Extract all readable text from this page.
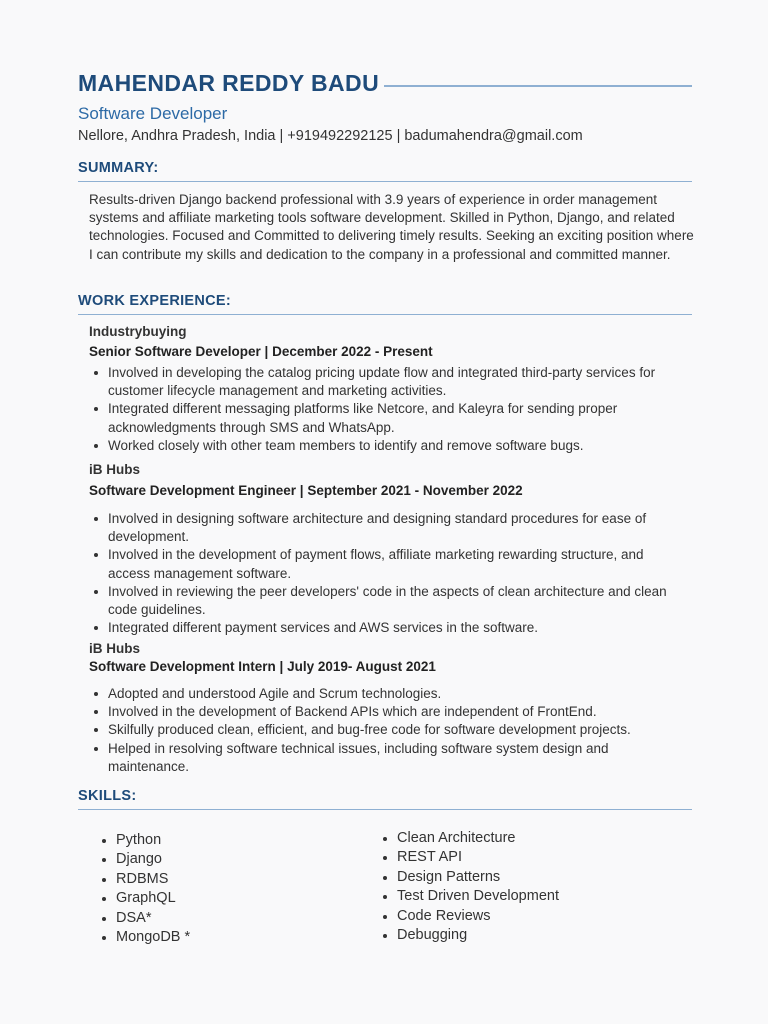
MAHENDAR REDDY BADU
Software Developer
Nellore, Andhra Pradesh, India | +919492292125 | badumahendra@gmail.com
SUMMARY:
Results-driven Django backend professional with 3.9 years of experience in order management systems and affiliate marketing tools software development. Skilled in Python, Django, and related technologies. Focused and Committed to delivering timely results. Seeking an exciting position where I can contribute my skills and dedication to the company in a professional and committed manner.
WORK EXPERIENCE:
Industrybuying
Senior Software Developer | December 2022 - Present
Involved in developing the catalog pricing update flow and integrated third-party services for customer lifecycle management and marketing activities.
Integrated different messaging platforms like Netcore, and Kaleyra for sending proper acknowledgments through SMS and WhatsApp.
Worked closely with other team members to identify and remove software bugs.
iB Hubs
Software Development Engineer | September 2021 - November 2022
Involved in designing software architecture and designing standard procedures for ease of development.
Involved in the development of payment flows, affiliate marketing rewarding structure, and access management software.
Involved in reviewing the peer developers' code in the aspects of clean architecture and clean code guidelines.
Integrated different payment services and AWS services in the software.
iB Hubs
Software Development Intern | July 2019- August 2021
Adopted and understood Agile and Scrum technologies.
Involved in the development of Backend APIs which are independent of FrontEnd.
Skilfully produced clean, efficient, and bug-free code for software development projects.
Helped in resolving software technical issues, including software system design and maintenance.
SKILLS:
Python
Django
RDBMS
GraphQL
DSA*
MongoDB *
Clean Architecture
REST API
Design Patterns
Test Driven Development
Code Reviews
Debugging
